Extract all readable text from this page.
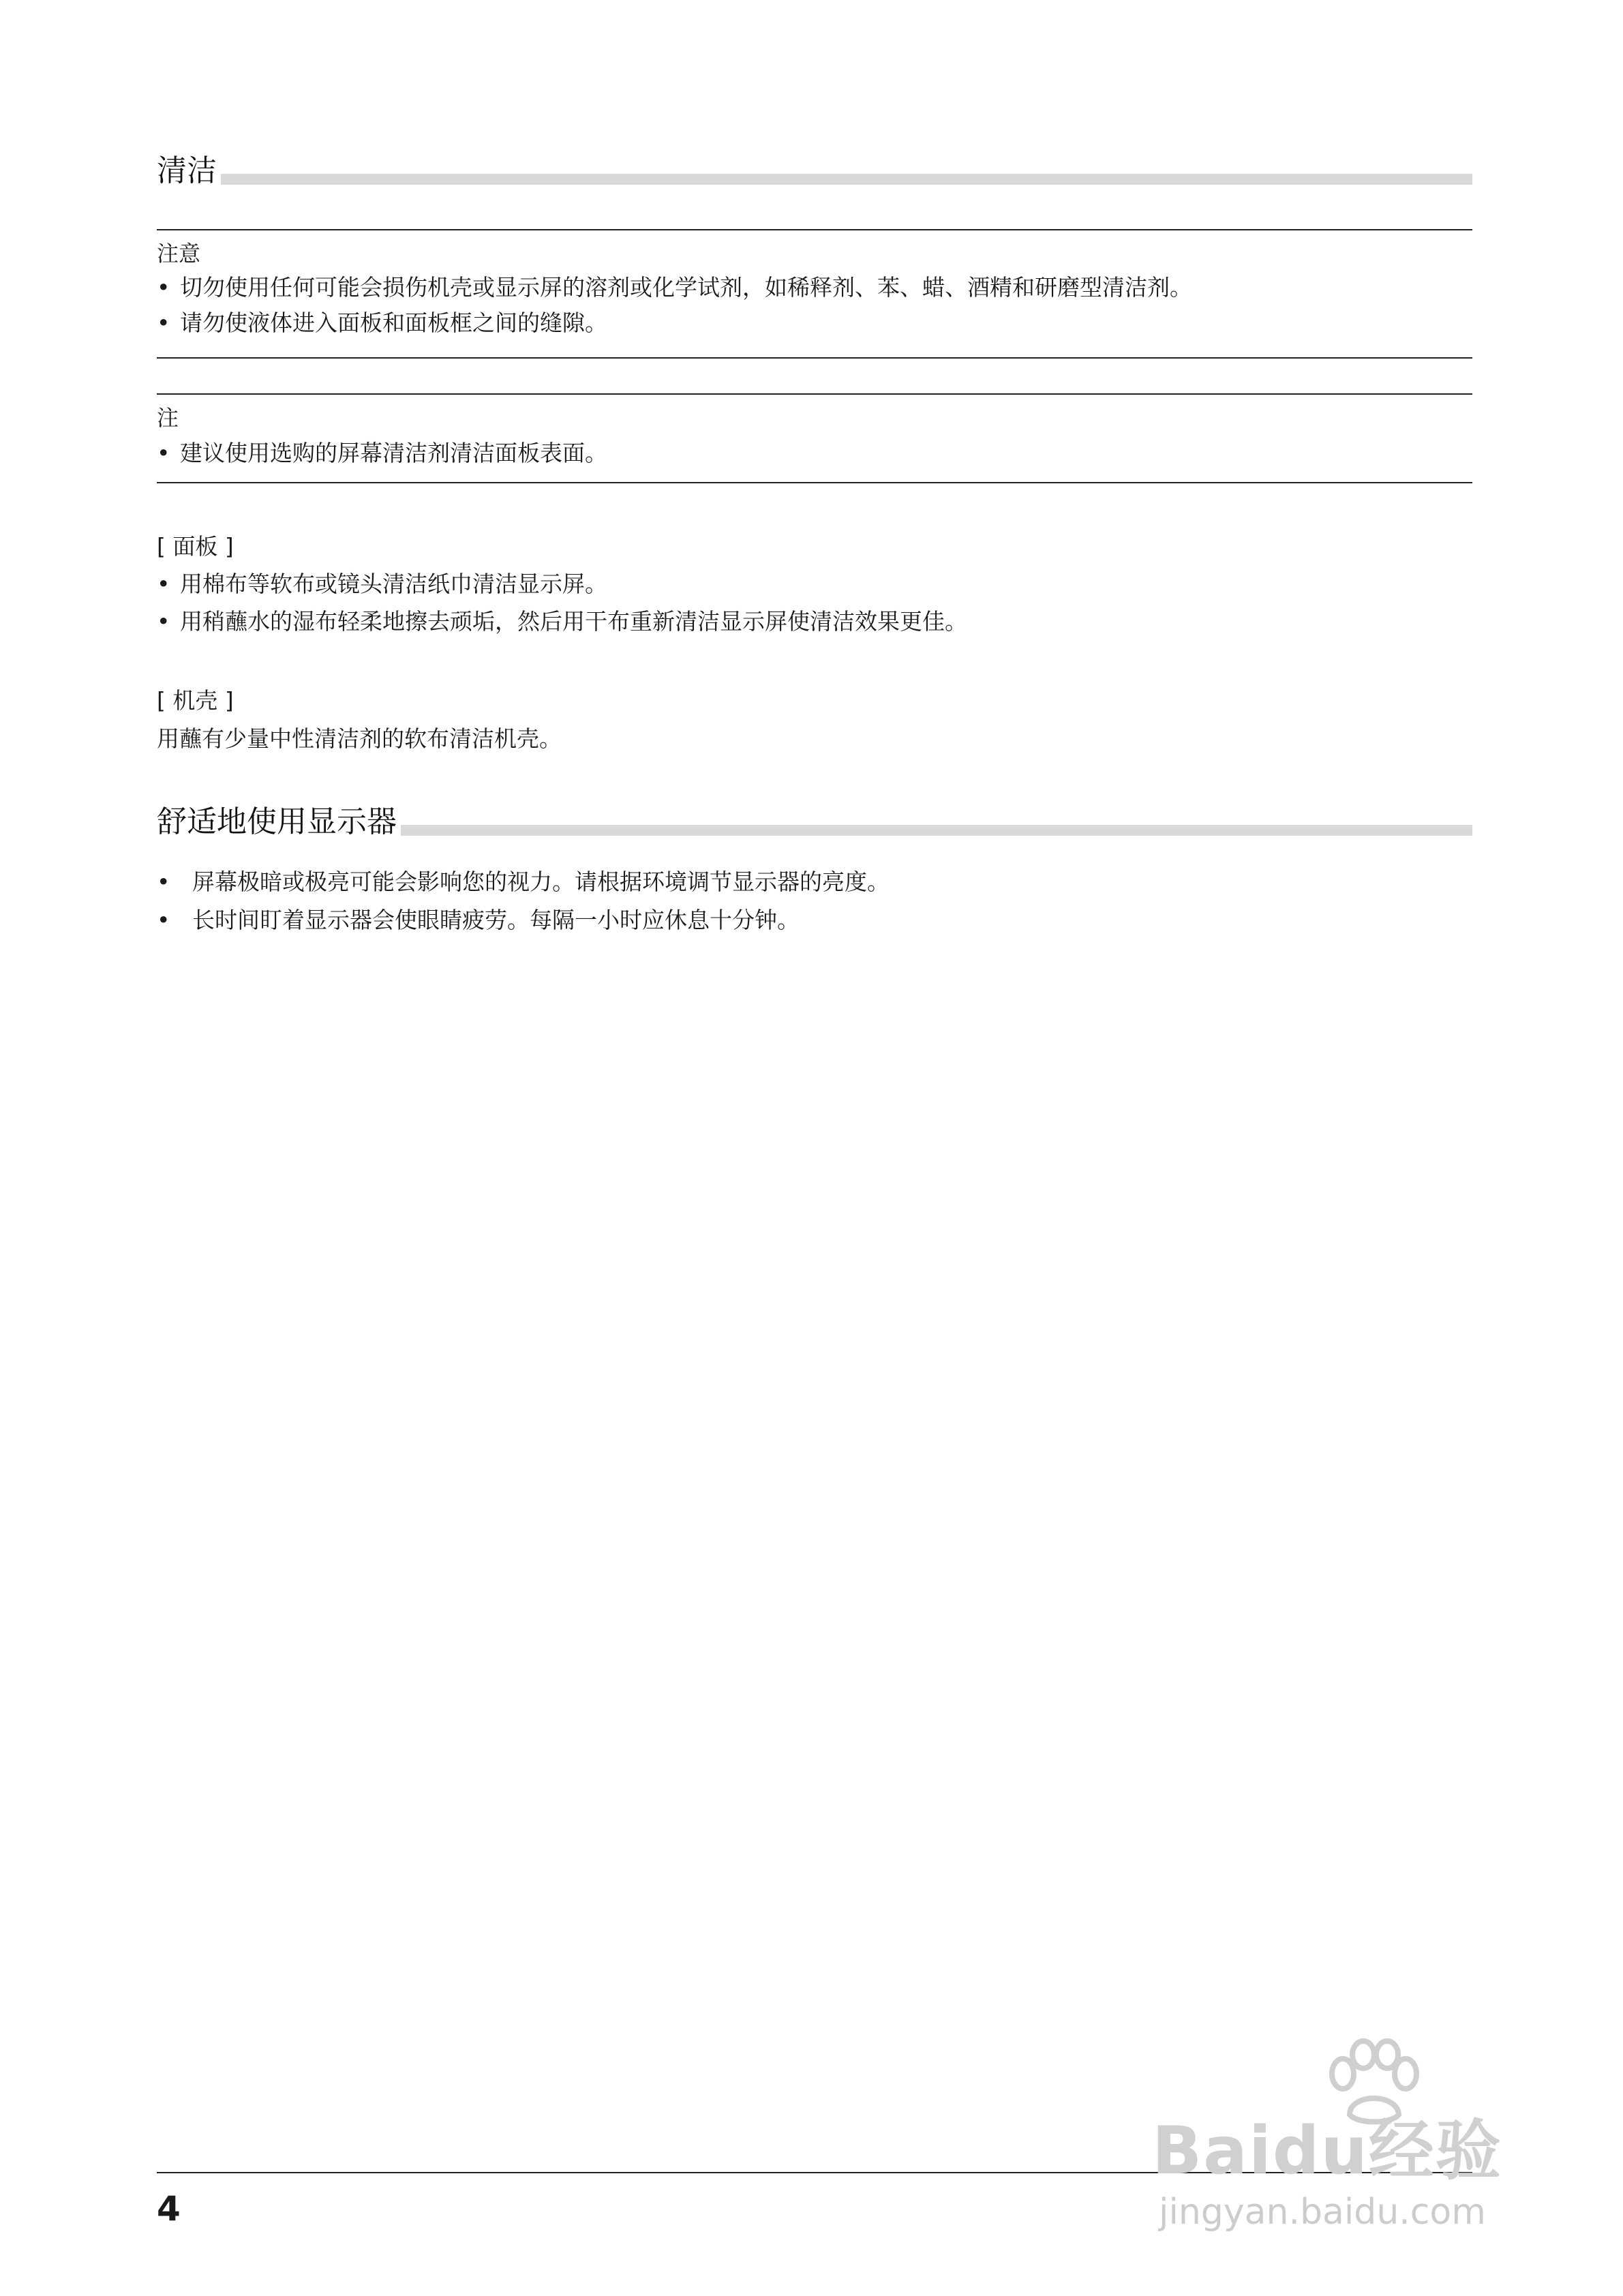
清洁
注意
• 切勿使用任何可能会损伤机壳或显示屏的溶剂或化学试剂，如稀释剂、苯、蜡、酒精和研磨型清洁剂。
• 请勿使液体进入面板和面板框之间的缝隙。
注
• 建议使用选购的屏幕清洁剂清洁面板表面。
[ 面板 ]
• 用棉布等软布或镜头清洁纸巾清洁显示屏。
• 用稍蘸水的湿布轻柔地擦去顽垢，然后用干布重新清洁显示屏使清洁效果更佳。
[ 机壳 ]
用蘸有少量中性清洁剂的软布清洁机壳。
舒适地使用显示器
• 屏幕极暗或极亮可能会影响您的视力。请根据环境调节显示器的亮度。
• 长时间盯着显示器会使眼睛疲劳。每隔一小时应休息十分钟。
4
Baidu经验
jingyan.baidu.com
